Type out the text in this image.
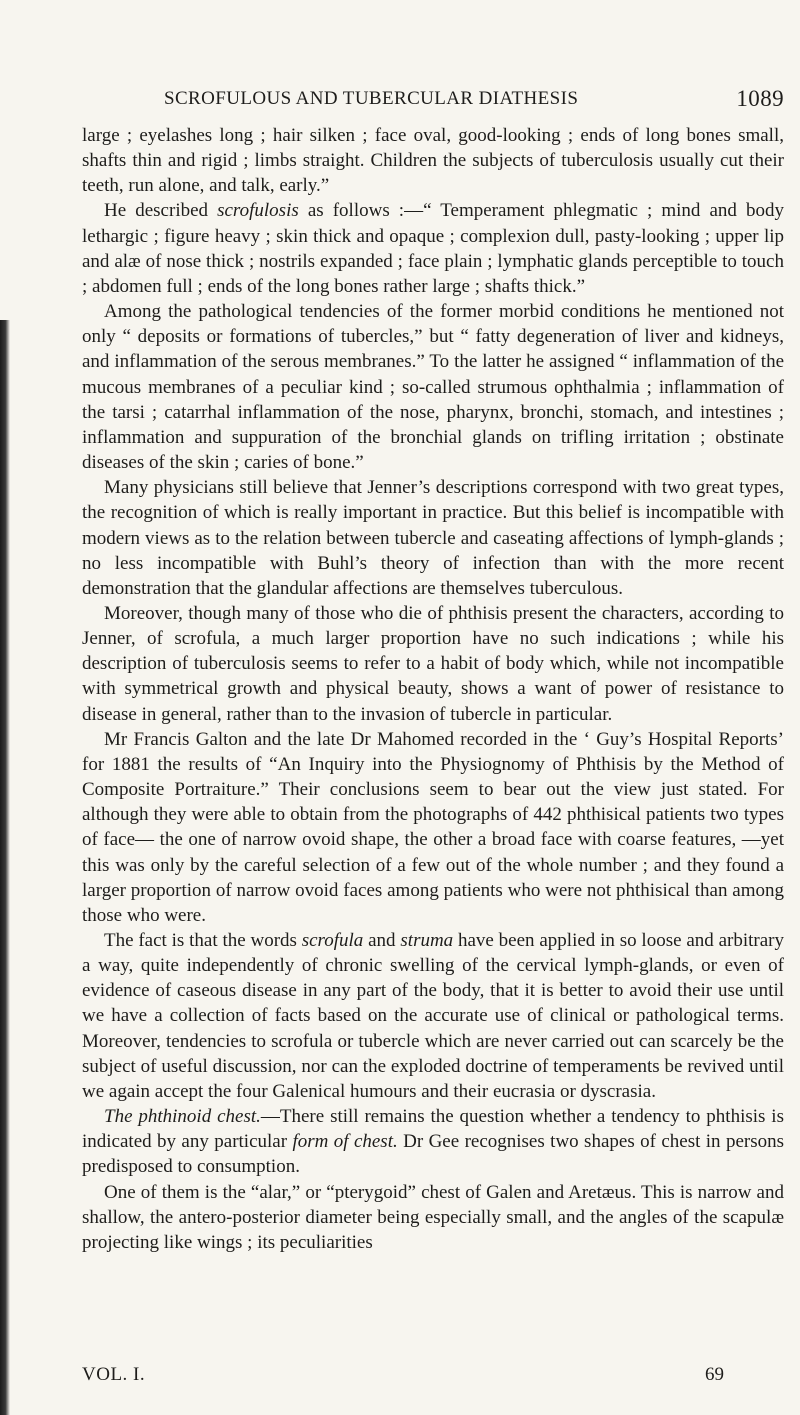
SCROFULOUS AND TUBERCULAR DIATHESIS	1089

large ; eyelashes long ; hair silken ; face oval, good-looking ; ends of long bones small, shafts thin and rigid ; limbs straight. Children the subjects of tuberculosis usually cut their teeth, run alone, and talk, early.”

He described scrofulosis as follows :—“ Temperament phlegmatic ; mind and body lethargic ; figure heavy ; skin thick and opaque ; complexion dull, pasty-looking ; upper lip and alæ of nose thick ; nostrils expanded ; face plain ; lymphatic glands perceptible to touch ; abdomen full ; ends of the long bones rather large ; shafts thick.”

Among the pathological tendencies of the former morbid conditions he mentioned not only “ deposits or formations of tubercles,” but “ fatty degeneration of liver and kidneys, and inflammation of the serous membranes.” To the latter he assigned “ inflammation of the mucous membranes of a peculiar kind ; so-called strumous ophthalmia ; inflammation of the tarsi ; catarrhal inflammation of the nose, pharynx, bronchi, stomach, and intestines ; inflammation and suppuration of the bronchial glands on trifling irritation ; obstinate diseases of the skin ; caries of bone.”

Many physicians still believe that Jenner’s descriptions correspond with two great types, the recognition of which is really important in practice. But this belief is incompatible with modern views as to the relation between tubercle and caseating affections of lymph-glands ; no less incompatible with Buhl’s theory of infection than with the more recent demonstration that the glandular affections are themselves tuberculous.

Moreover, though many of those who die of phthisis present the characters, according to Jenner, of scrofula, a much larger proportion have no such indications ; while his description of tuberculosis seems to refer to a habit of body which, while not incompatible with symmetrical growth and physical beauty, shows a want of power of resistance to disease in general, rather than to the invasion of tubercle in particular.

Mr Francis Galton and the late Dr Mahomed recorded in the ‘ Guy’s Hospital Reports’ for 1881 the results of “An Inquiry into the Physiognomy of Phthisis by the Method of Composite Portraiture.” Their conclusions seem to bear out the view just stated. For although they were able to obtain from the photographs of 442 phthisical patients two types of face— the one of narrow ovoid shape, the other a broad face with coarse features, —yet this was only by the careful selection of a few out of the whole number ; and they found a larger proportion of narrow ovoid faces among patients who were not phthisical than among those who were.

The fact is that the words scrofula and struma have been applied in so loose and arbitrary a way, quite independently of chronic swelling of the cervical lymph-glands, or even of evidence of caseous disease in any part of the body, that it is better to avoid their use until we have a collection of facts based on the accurate use of clinical or pathological terms. Moreover, tendencies to scrofula or tubercle which are never carried out can scarcely be the subject of useful discussion, nor can the exploded doctrine of temperaments be revived until we again accept the four Galenical humours and their eucrasia or dyscrasia.

The phthinoid chest.—There still remains the question whether a tendency to phthisis is indicated by any particular form of chest. Dr Gee recognises two shapes of chest in persons predisposed to consumption.

One of them is the “alar,” or “pterygoid” chest of Galen and Aretæus. This is narrow and shallow, the antero-posterior diameter being especially small, and the angles of the scapulæ projecting like wings ; its peculiarities

VOL. I.	69
